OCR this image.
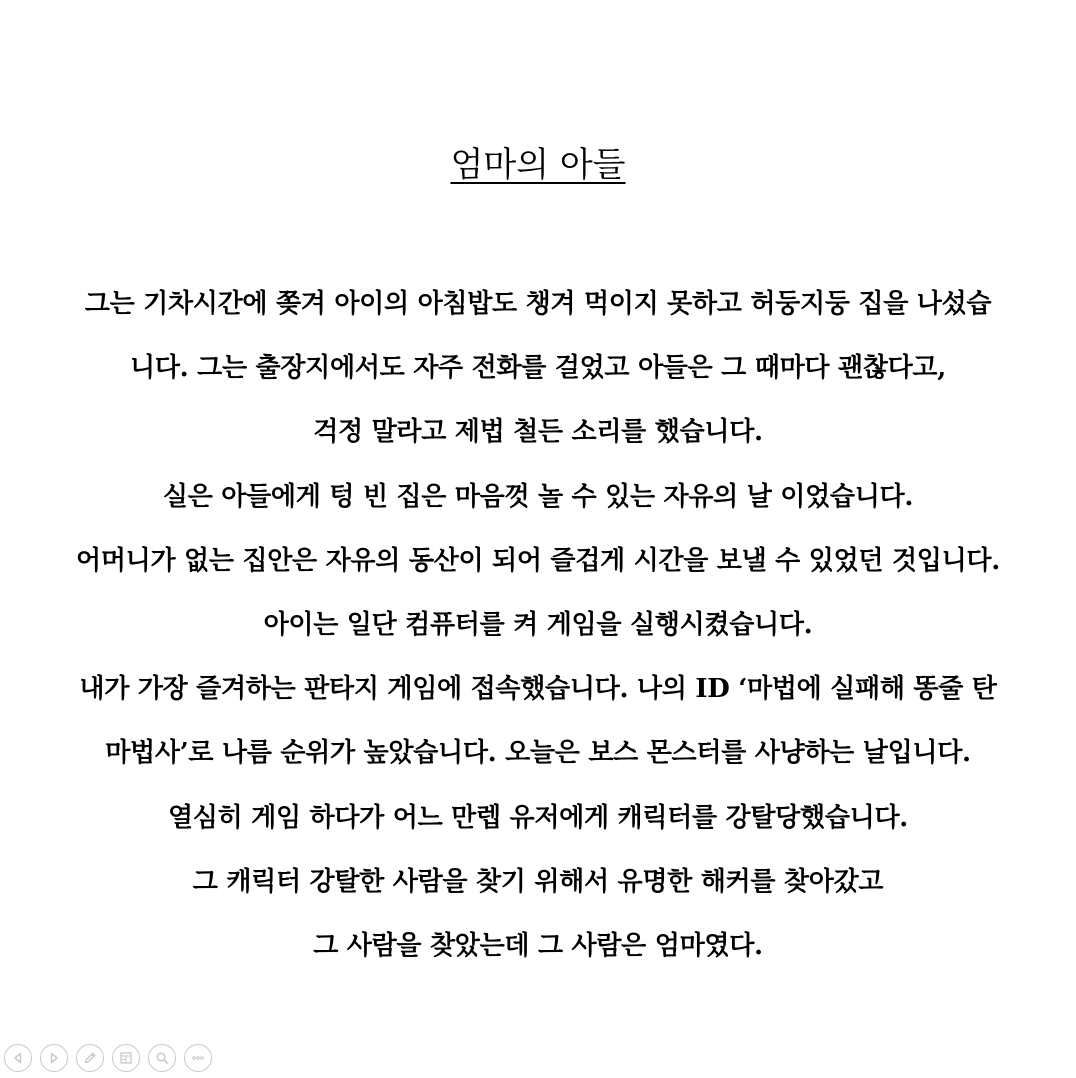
엄마의 아들
그는 기차시간에 쫒겨 아이의 아침밥도 챙겨 먹이지 못하고 허둥지둥 집을 나섰습
니다. 그는 출장지에서도 자주 전화를 걸었고 아들은 그 때마다 괜찮다고,
걱정 말라고 제법 철든 소리를 했습니다.
실은 아들에게 텅 빈 집은 마음껏 놀 수 있는 자유의 날 이었습니다.
어머니가 없는 집안은 자유의 동산이 되어 즐겁게 시간을 보낼 수 있었던 것입니다.
아이는 일단 컴퓨터를 켜 게임을 실행시켰습니다.
내가 가장 즐겨하는 판타지 게임에 접속했습니다. 나의 ID ‘마법에 실패해 똥줄 탄
마법사’로 나름 순위가 높았습니다. 오늘은 보스 몬스터를 사냥하는 날입니다.
열심히 게임 하다가 어느 만렙 유저에게 캐릭터를 강탈당했습니다.
그 캐릭터 강탈한 사람을 찾기 위해서 유명한 해커를 찾아갔고
그 사람을 찾았는데 그 사람은 엄마였다.
